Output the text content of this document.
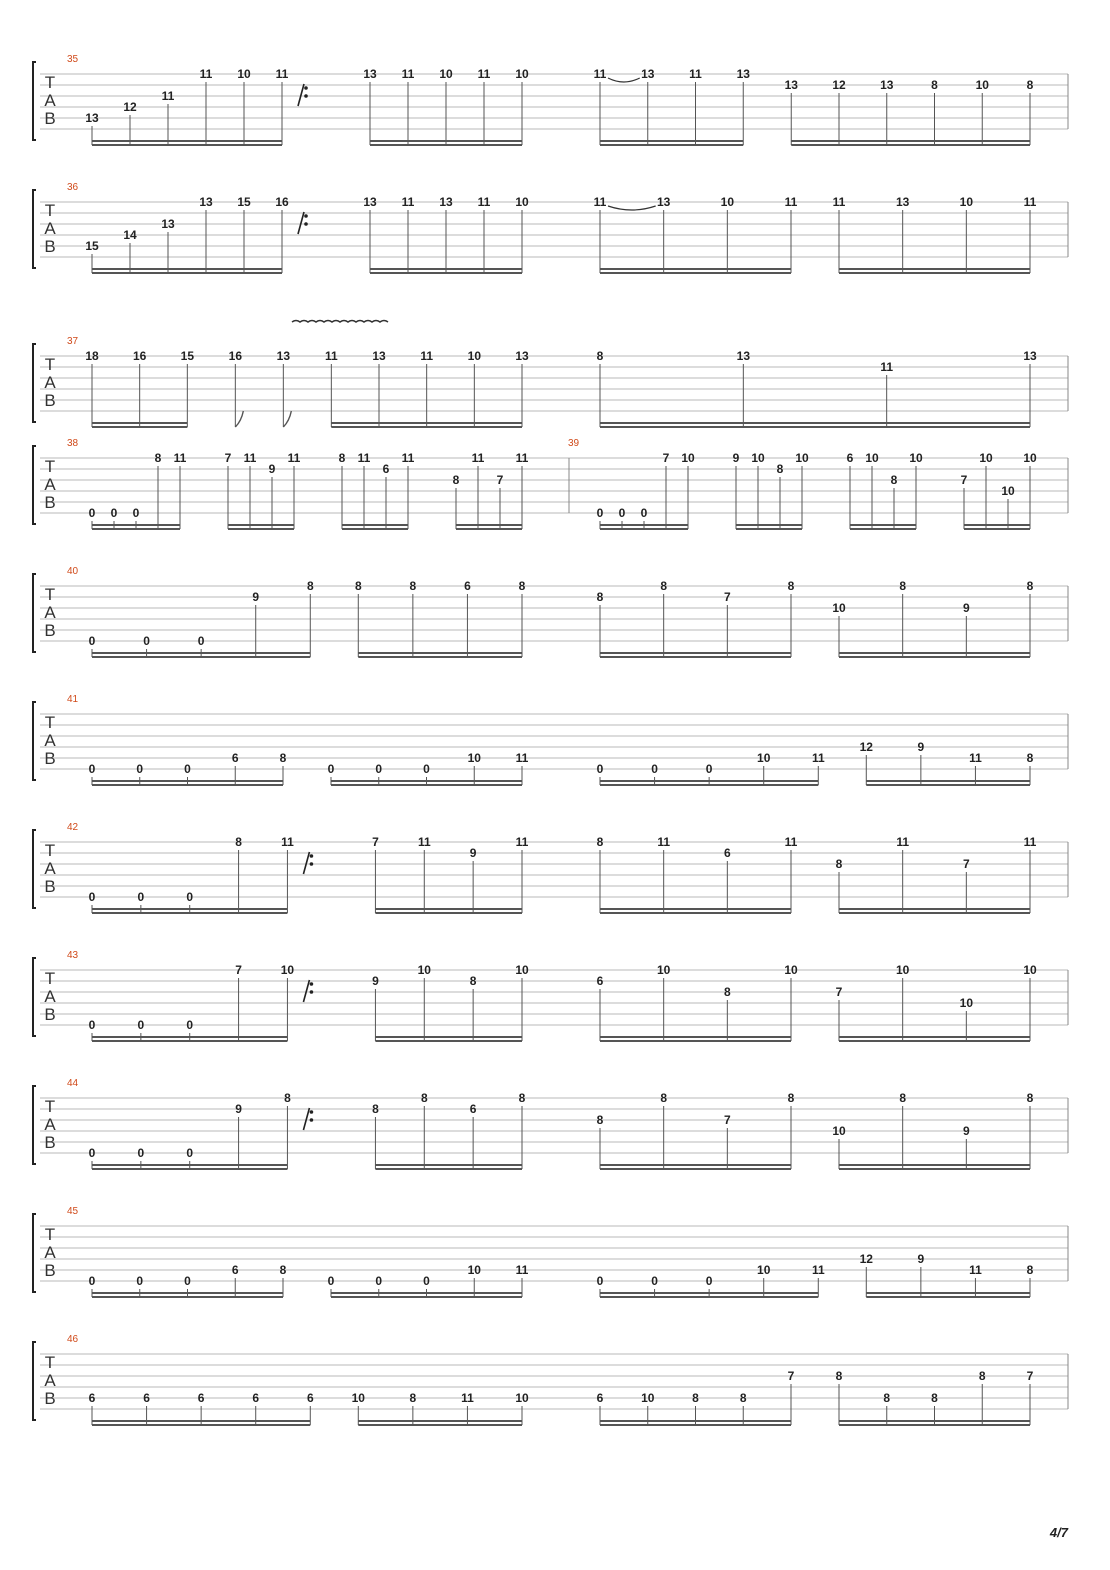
T
A
B
35
13
12
11
11 10 11	13 11 10 11 10	11	13	11	13
13	12	13	8	10	8
T
A
B
36
15
14
13
13 15 16	13 11 13 11 10	11	13	10	11	11	13	10	11
T
A
B
37
18	16	15	16	13	11	13	11	10	13	8	13
11
13
T
A
B
38	39
0 0 0
8 11	7 11
9
11	8 11
6
11
8
11
7
11
0 0 0
7 10	9 10
8
10	6 10
8
10
7
10
10
10
T
A
B
40
0	0	0
9
8	8	8	6	8
8
8
7
8
10
8
9
8
T
A
B
41
0	0	0
6	8
0	0	0
10	11
0	0	0
10	11
12	9
11	8
T
A
B
42
0	0	0
8	11	7	11
9
11	8	11
6
11
8
11
7
11
T
A
B
43
0	0	0
7	10
9
10
8
10
6
10
8
10
7
10
10
10
T
A
B
44
0	0	0
9
8
8
8
6
8
8
8
7
8
10
8
9
8
T
A
B
45
0	0	0
6	8
0	0	0
10	11
0	0	0
10	11
12	9
11	8
T
A
B
46
6	6	6	6	6	10	8	11	10	6	10	8	8
7	8
8	8
8	7
4/7
